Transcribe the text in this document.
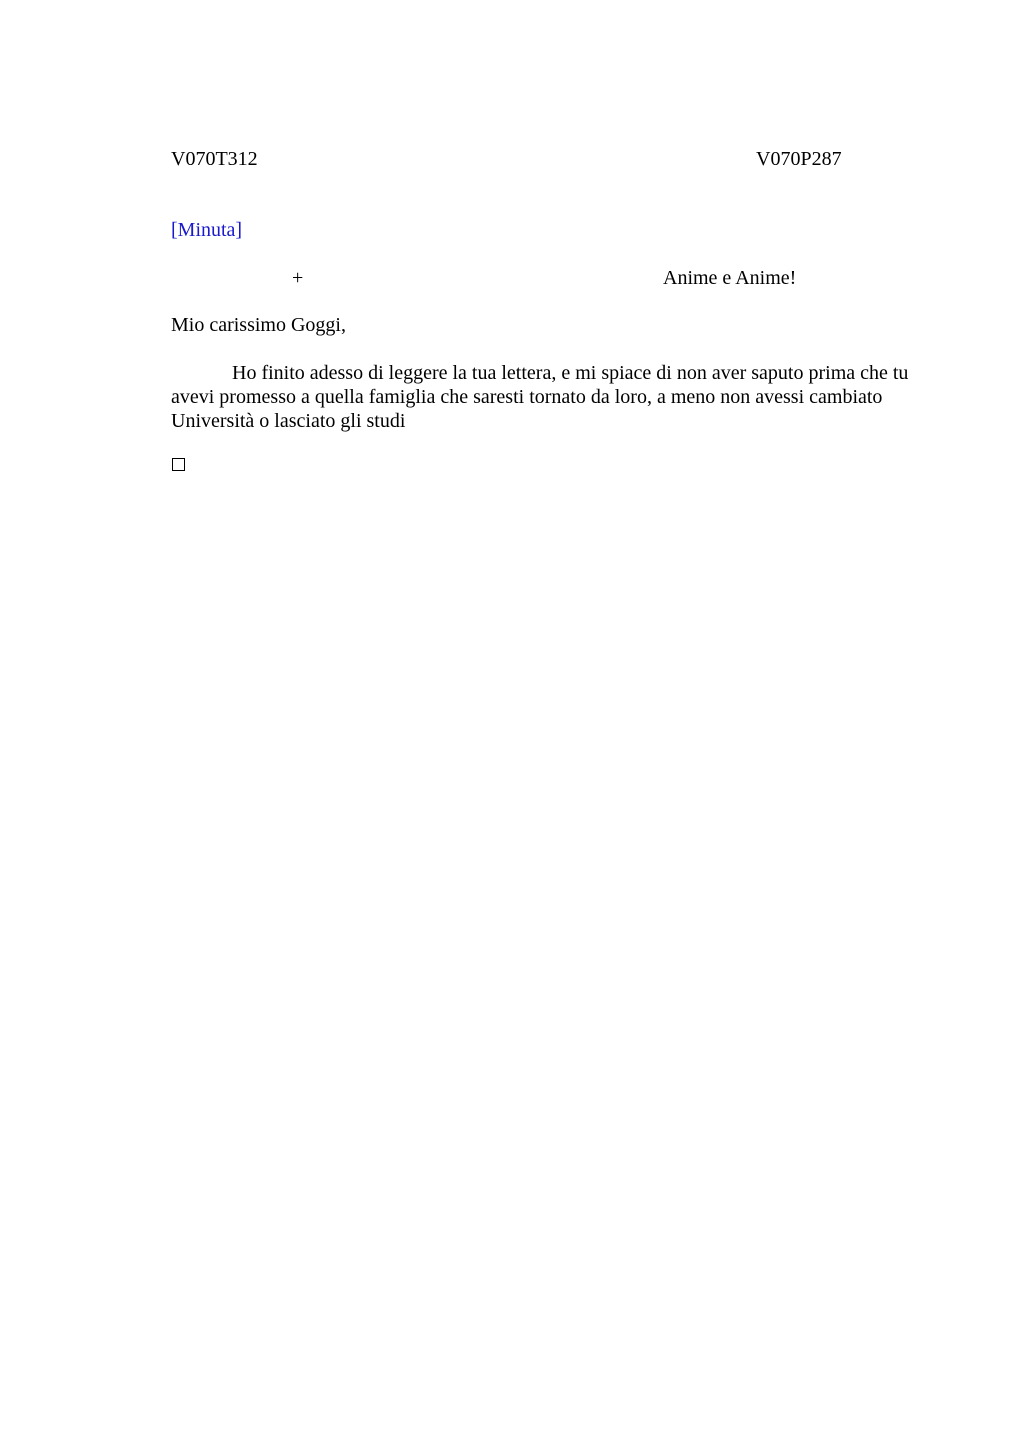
V070T312	V070P287
[Minuta]
+	Anime e Anime!
Mio carissimo Goggi,
Ho finito adesso di leggere la tua lettera, e mi spiace di non aver saputo prima che tu avevi promesso a quella famiglia che saresti tornato da loro, a meno non avessi cambiato Università o lasciato gli studi
